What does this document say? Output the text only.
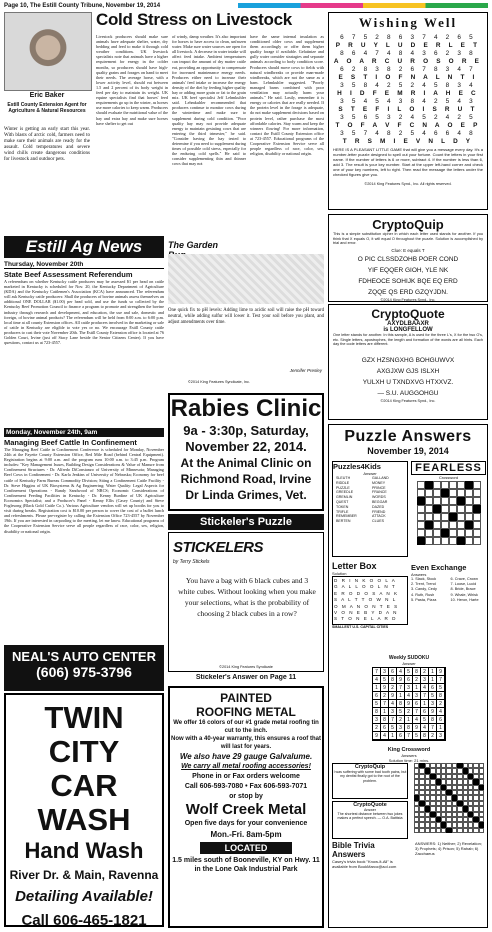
Page 10, The Estill County Tribune, November 19, 2014
Eric Baker
Estill County Extension Agent for Agriculture & Natural Resources
Winter is getting an early start this year. With blasts of arctic cold, farmers need to make sure their animals are ready for the assault. Cold temperatures and severe wind chills create dangerous conditions for livestock and outdoor pets.
Cold Stress on Livestock
Livestock producers should make sure animals have adequate shelter, water, dry bedding and feed to make it through cold weather conditions. UK livestock specialists note that animals have a higher requirement for energy in the colder months, so producers should have high-quality grains and forages on hand to meet their needs. The average horse, with a lower activity level, should eat between 1.5 and 2 percent of its body weight in feed per day to maintain its weight. UK equine specialists find that horses' feed requirements go up in the winter, as horses use more calories to keep warm. Producers should evaluate the nutritional value of the hay and extra hay and make sure horses have shelter to get out
of windy, damp weather. It's also important for horses to have access to clean, unfrozen water. Make sure water sources are open for all livestock. A decrease in water intake will affect feed intake. Ambient temperatures can impact the amount of dry matter cattle eat, providing an opportunity to compensate for increased maintenance energy needs. Producers either need to increase their animals' feed intake or increase the energy density of the diet by feeding higher quality hay or adding more grain or fat to the grain mix. UK beef specialist Jeff Lehmkuhler said. Lehmkuhler recommended that producers continue to monitor cows during the wintertime and make sure to supplement during cold condition. "Poor quality hay may not provide adequate energy to maintain gestating cows that are entering the third trimester," he said. "Consider having the hay tested to determine if you need to supplement during times of possible cold stress, especially for the enduring cold spells." He said to consider supplementing thin and thinner cows that may not
have the same internal insulation as conditioned older cows and supplement them accordingly or offer them higher quality forage if available. Gelatinize and gully water consider stratagies and separate animals according to body condition score. Producers should move cows to fields with natural windbreaks or provide man-made windbreaks, which are not the same as a barn. Lehmkuhler suggested. "Poorly managed barns combined with poor ventilation may actually harm your animals." He said. Lastly, remember it is energy or calories that are really needed. If the protein level in the forage is adequate, do not make supplement decisions based on protein level, rather purchase the most affordable calories. Stay warm and keep the winners flowing! For more information, contact the Estill County Extension office at 723-4557. Educational programs of the Cooperative Extension Service serve all people regardless of race, color, sex, religion, disability or national origin.
Estill Ag News
Thursday, November 20th
State Beef Assessment Referendum
A referendum on whether Kentucky cattle producers may be assessed $1 per head on cattle marketed in Kentucky is scheduled for Nov. 20, the Kentucky Department of Agriculture (KDA) and the Kentucky Cattlemen's Association (KCA) have announced. The referendum will ask Kentucky cattle producers: Shall the producers of bovine animals assess themselves an additional ONE DOLLAR ($1.00) per head sold, and use the funds so collected by the Kentucky Beef Promotion Council to finance a program to promote and strengthen the bovine industry through research and development, and education, the use and sale, domestic and foreign, of bovine animal products? The referendum will be held from 8:00 a.m. to 6:00 p.m. local time at all county Extension offices. All cattle producers involved in the marketing or sale of cattle in Kentucky are eligible to vote yes or no. We encourage Estill County cattle producers to cast their vote November 20th. The Estill County Extension office is located at 76 Golden Court, Irvine (just off Stacy Lane beside the Senior Citizens Center). If you have questions, contact us at 723-4557.
Monday, November 24th, 9am
Managing Beef Cattle In Confinement
The Managing Beef Cattle in Confinement Conference is scheduled for Monday, November 24th at the Fayette County Extension Office, Red Mile Road (behind Central Equipment). Registration begins at 9:00 a.m. and the program runs 10:00 a.m. to 3:45 p.m. Program includes: "Key Management Issues, Building Design Considerations & Value of Manure from Confinement Structures - Dr. Alfredo DiConstanzo of University of Minnesota; Managing Beef Cows in Confinement - Dr. Karla Jenkins of University of Nebraska; Economy for beef cattle of Kentucky Farm Bureau Commodity Division; Siting a Confinement Cattle Facility - Dr. Steve Higgins of UK Biosystems & Ag Engineering; Water Quality: Legal Aspects for Confinement Operations - Randy Sandwood of NRCS; Economic Considerations of Confinement Feeding Facilities in Kentucky - Dr. Kenny Burdine of UK Agriculture Economics Specialist; and a Producer's Panel - Kenny Ellis (Casey County) and Steve Foglesong (Black Gold Cattle Co.). Various Agriculture vendors will set up booths for you to visit during breaks. Registration cost is $10.00 per person to cover the cost of a buffet lunch and refreshments. Please pre-register by calling the Extension Office 723-4557 by November 19th. If you are interested in carpooling to the meeting, let me know. Educational programs of the Cooperative Extension Service serve all people regardless of race, color, sex, religion, disability or national origin.
NEAL'S AUTO CENTER
(606) 975-3796
TWIN CITY
CAR WASH
Hand Wash
River Dr. & Main, Ravenna
Detailing Available!
Call 606-465-1821
The Garden
One quick fix to pH levels: Adding lime to acidic soil will raise the pH toward neutral, while adding sulfur will lower it. Test your soil before you plant, and adjust amendments over time.
Jennifer Presley
©2014 King Features Syndicate, Inc.
Rabies Clinic
9a - 3:30p, Saturday,
November 22, 2014.
At the Animal Clinic on
Richmond Road, Irvine
Dr Linda Grimes, Vet.
Stickeler's Puzzle
STICKELERS
by Terry Stickels
You have a bag with 6 black cubes and 3 white cubes. Without looking when you make your selections, what is the probability of choosing 2 black cubes in a row?
©2014 King Features Syndicate
Stickeler's Answer on Page 11
PAINTED
ROOFING METAL
We offer 16 colors of our #1 grade metal roofing tin cut to the inch.
Now with a 40-year warranty, this ensures a roof that will last for years.
We also have 29 gauge Galvalume.
We carry all metal roofing accessories!
Phone in or Fax orders welcome
Call 606-593-7080 • Fax 606-593-7071
or stop by
Wolf Creek Metal
Open five days for your convenience
Mon.-Fri. 8am-5pm
LOCATED
1.5 miles south of Booneville, KY on Hwy. 11
in the Lone Oak Industrial Park
Wishing Well
6 7 5 2 8 6 3 7 4 2 6 5
P R U Y L U D E R L E T
8 6 4 7 4 8 4 3 6 2 3 8
A O A R C U R O S O R E
6 2 8 3 8 2 6 7 8 3 4 7
E S T I O F N A L N T I
3 5 8 4 2 5 2 4 5 8 3 4
H I D F E M R I A H E C
3 5 4 5 4 3 8 4 2 5 4 3
S T E F I L O I S R U T
3 5 6 5 3 2 4 5 2 4 2 5
T O F A V F C N A O E P
3 5 7 4 8 2 5 4 6 6 4 8
T R S M I E V N L D Y
HERE IS A PLEASANT LITTLE GAME that will give you a message every day. It's a number-letter puzzle designed to spell out your fortune. Count the letters in your first name. If the number of letters is 6 or more, subtract 4. If the number is less than 6, add 3. The result is your key number. Start at the upper left-hand corner and check one of your key numbers, left to right. Then read the message the letters under the checked figures give you.
©2014 King Features Synd., Inc. All rights reserved.
CryptoQuip
This is a simple substitution cipher in which each letter used stands for another. If you think that X equals O, it will equal O throughout the puzzle. Solution is accomplished by trial and error.
Clue: E equals T
O PIC CLSSDZOHB POER COND
YIF EQQER GIOH, YLE NK
FDHEOCE SOHIJK BQE EQ ERD
ZQQE QS ERD GZQYJDN.
©2014 King Features Synd., Inc.
CryptoQuote
AXYDLBAAXR
is LONGFELLOW
One letter stands for another. In this sample, A is used for the three L's, X for the two O's, etc. Single letters, apostrophes, the length and formation of the words are all hints. Each day the code letters are different.
GZX HZSNGXHG BOHGUWVX
AXGJXW GJS ISLXH
YULXH U TXNDXVG HTXXVZ.
— S.U. AUGGOHGU
©2014 King Features Synd., Inc.
Puzzle Answers
November 19, 2014
Puzzles4Kids
Answer
SLEUTH
RIDDLE
PUZZLE
GREEDLE
GREMLIN
QUEST
TOKEN
TRIFLE
REMEMBER
BERTEN
GALLAND
MONEY
PRINCE
FRANCE
WORDS
BEGGAR
DAZED
FRIEND
ATTACK
CLUES
FEARLESS
Crossword
Letter Box
Solution
D R I N K O O L A
G A L L O O L N T
E R O D O S A N K
S A L T T O W N L
O M A N O N T E S
V O N E B Y D A N
S T O N E L A R D
SMALLEST U.S. CAPITAL CITIES
Even Exchange
Answers
1. Slack, Stock
2. Trent, Trend
3. Candy, Cedy
4. Ruth, Rush
5. Pasta, Pizza
6. Crave, Crown
7. Loose, Lucid
8. Bride, Brace
9. Whale, Whisk
10. Heron, Harte
Weekly SUDOKU
Answer
7	3	6	4	5	8	2	1	9
4	5	8	9	6	2	3	1	7
1	9	2	7	3	1	4	6	5
6	2	9	1	4	3	7	5	8
5	7	4	8	9	6	1	3	2
8	1	3	5	2	7	6	9	4
3	8	7	2	1	4	5	8	6
2	6	5	3	8	9	4	7	1
9	4	1	6	7	5	8	2	3
King Crossword
Answers
Solution time: 21 mins.
CryptoQuip
I was suffering with some bad tooth pains, but my dentist finally got to the root of the problem.
CryptoQuote
Answer
The shortest distance between two jokes makes a perfect speech. — O.A. Battista
Bible Trivia Answers
Casey's trivia book "Know-It-All" is available from BookMarco@aol.com
ANSWERS: 1) Neither; 2) Revelation; 3) Prophets; 4) Prison; 5) Rahab; 6) Zacchaeus
